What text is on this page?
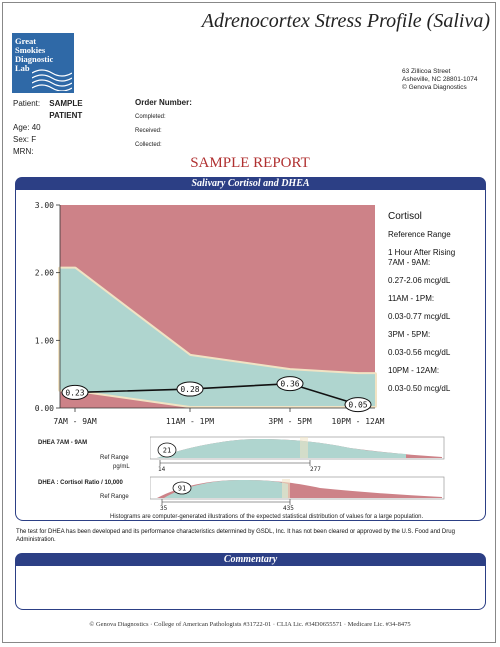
Adrenocortex Stress Profile (Saliva)
Great
Smokies
Diagnostic
Lab	63 Zillicoa Street
Asheville, NC 28801-1074
© Genova Diagnostics
Patient: SAMPLE
PATIENT
Age: 40
Sex: F
MRN:
Order Number:
Completed:
Received:
Collected:
SAMPLE REPORT
Salivary Cortisol and DHEA
0.00
1.00
2.00
3.00
7AM - 9AM	11AM - 1PM	3PM - 5PM 10PM - 12AM
0.23	0.28
0.36
0.05
Cortisol
Reference Range
1 Hour After Rising
7AM - 9AM:
0.27-2.06 mcg/dL
11AM - 1PM:
0.03-0.77 mcg/dL
3PM - 5PM:
0.03-0.56 mcg/dL
10PM - 12AM:
0.03-0.50 mcg/dL
DHEA 7AM - 9AM
Ref Range
pg/mL
21
14	277
DHEA : Cortisol Ratio / 10,000
Ref Range
91
35	435
Histograms are computer-generated illustrations of the expected statistical distribution of values for a large population.
The test for DHEA has been developed and its performance characteristics determined by GSDL, Inc. It has not been cleared or approved by the U.S. Food and Drug Administration.
Commentary
© Genova Diagnostics · College of American Pathologists #31722-01 · CLIA Lic. #34D0655571 · Medicare Lic. #34-8475
